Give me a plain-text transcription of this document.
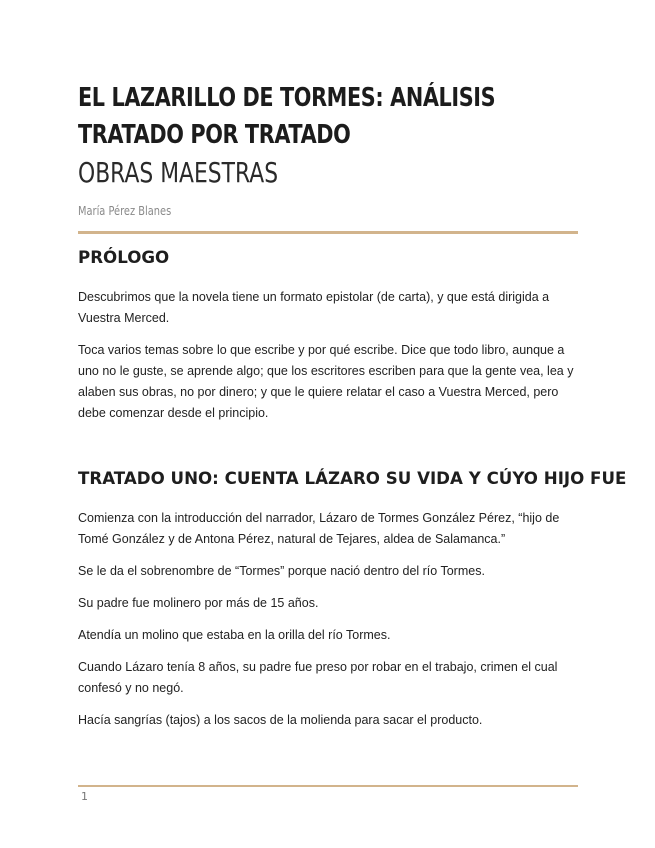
EL LAZARILLO DE TORMES: ANÁLISIS TRATADO POR TRATADO
OBRAS MAESTRAS
María Pérez Blanes
PRÓLOGO

Descubrimos que la novela tiene un formato epistolar (de carta), y que está dirigida a Vuestra Merced.

Toca varios temas sobre lo que escribe y por qué escribe. Dice que todo libro, aunque a uno no le guste, se aprende algo; que los escritores escriben para que la gente vea, lea y alaben sus obras, no por dinero; y que le quiere relatar el caso a Vuestra Merced, pero debe comenzar desde el principio.

TRATADO UNO: CUENTA LÁZARO SU VIDA Y CÚYO HIJO FUE

Comienza con la introducción del narrador, Lázaro de Tormes González Pérez, “hijo de Tomé González y de Antona Pérez, natural de Tejares, aldea de Salamanca.”

Se le da el sobrenombre de “Tormes” porque nació dentro del río Tormes.

Su padre fue molinero por más de 15 años.

Atendía un molino que estaba en la orilla del río Tormes.

Cuando Lázaro tenía 8 años, su padre fue preso por robar en el trabajo, crimen el cual confesó y no negó.

Hacía sangrías (tajos) a los sacos de la molienda para sacar el producto.

1
